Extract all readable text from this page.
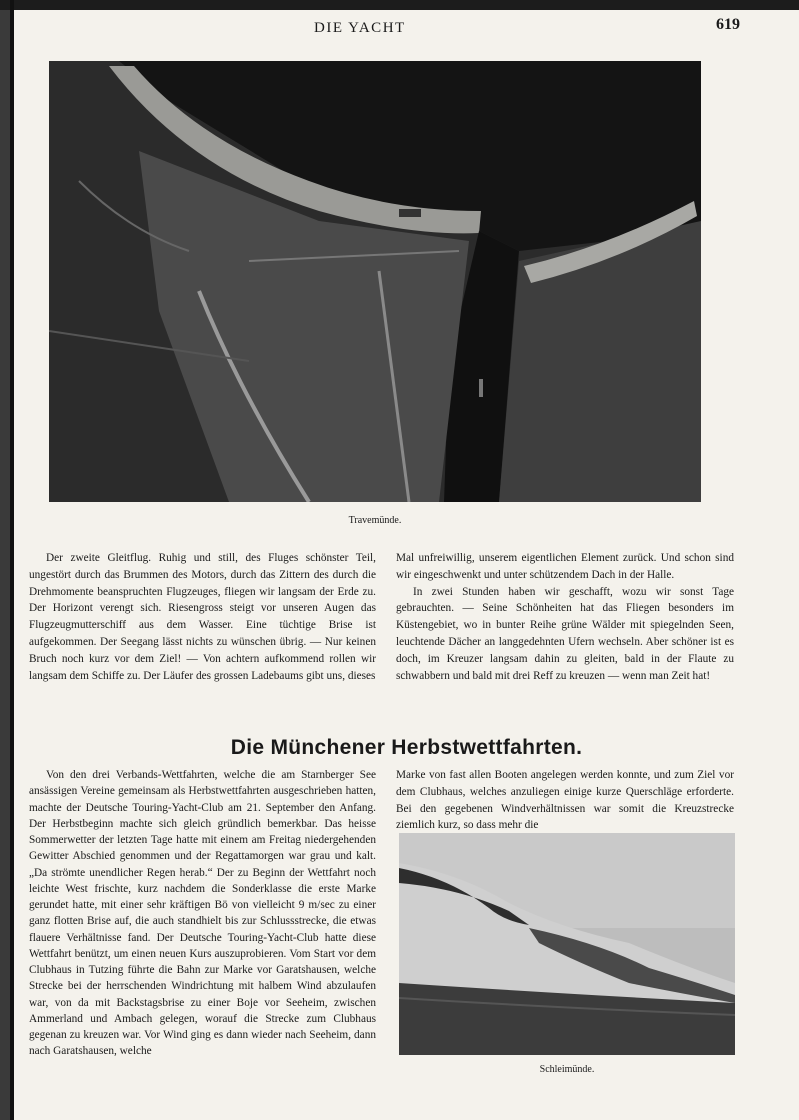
DIE YACHT	619
Travemünde.

Der zweite Gleitflug. Ruhig und still, des Fluges schönster Teil, ungestört durch das Brummen des Motors, durch das Zittern des durch die Drehmomente beanspruchten Flugzeuges, fliegen wir langsam der Erde zu. Der Horizont verengt sich. Riesengross steigt vor unseren Augen das Flugzeugmutterschiff aus dem Wasser. Eine tüchtige Brise ist aufgekommen. Der Seegang lässt nichts zu wünschen übrig. — Nur keinen Bruch noch kurz vor dem Ziel! — Von achtern aufkommend rollen wir langsam dem Schiffe zu. Der Läufer des grossen Ladebaums gibt uns, dieses

Mal unfreiwillig, unserem eigentlichen Element zurück. Und schon sind wir eingeschwenkt und unter schützendem Dach in der Halle.

In zwei Stunden haben wir geschafft, wozu wir sonst Tage gebrauchten. — Seine Schönheiten hat das Fliegen besonders im Küstengebiet, wo in bunter Reihe grüne Wälder mit spiegelnden Seen, leuchtende Dächer an langgedehnten Ufern wechseln. Aber schöner ist es doch, im Kreuzer langsam dahin zu gleiten, bald in der Flaute zu schwabbern und bald mit drei Reff zu kreuzen — wenn man Zeit hat!

Die Münchener Herbstwettfahrten.

Von den drei Verbands-Wettfahrten, welche die am Starnberger See ansässigen Vereine gemeinsam als Herbstwettfahrten ausgeschrieben hatten, machte der Deutsche Touring-Yacht-Club am 21. September den Anfang. Der Herbstbeginn machte sich gleich gründlich bemerkbar. Das heisse Sommerwetter der letzten Tage hatte mit einem am Freitag niedergehenden Gewitter Abschied genommen und der Regattamorgen war grau und kalt. „Da strömte unendlicher Regen herab.“ Der zu Beginn der Wettfahrt noch leichte West frischte, kurz nachdem die Sonderklasse die erste Marke gerundet hatte, mit einer sehr kräftigen Bö von vielleicht 9 m/sec zu einer ganz flotten Brise auf, die auch standhielt bis zur Schlussstrecke, die etwas flauere Verhältnisse fand. Der Deutsche Touring-Yacht-Club hatte diese Wettfahrt benützt, um einen neuen Kurs auszuprobieren. Vom Start vor dem Clubhaus in Tutzing führte die Bahn zur Marke vor Garatshausen, welche Strecke bei der herrschenden Windrichtung mit halbem Wind abzulaufen war, von da mit Backstagsbrise zu einer Boje vor Seeheim, zwischen Ammerland und Ambach gelegen, worauf die Strecke zum Clubhaus gegenan zu kreuzen war. Vor Wind ging es dann wieder nach Seeheim, dann nach Garatshausen, welche

Marke von fast allen Booten angelegen werden konnte, und zum Ziel vor dem Clubhaus, welches anzuliegen einige kurze Querschläge erforderte. Bei den gegebenen Windverhältnissen war somit die Kreuzstrecke ziemlich kurz, so dass mehr die

Schleimünde.
